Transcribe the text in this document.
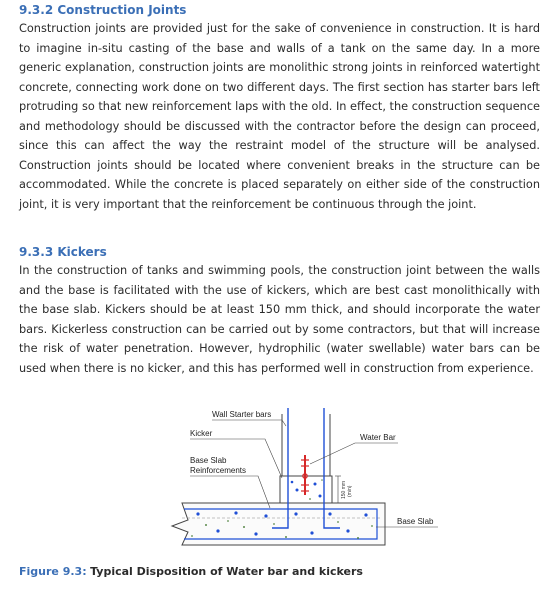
9.3.2 Construction Joints

Construction joints are provided just for the sake of convenience in construction. It is hard to imagine in-situ casting of the base and walls of a tank on the same day. In a more generic explanation, construction joints are monolithic strong joints in reinforced watertight concrete, connecting work done on two different days. The first section has starter bars left protruding so that new reinforcement laps with the old. In effect, the construction sequence and methodology should be discussed with the contractor before the design can proceed, since this can affect the way the restraint model of the structure will be analysed. Construction joints should be located where convenient breaks in the structure can be accommodated. While the concrete is placed separately on either side of the construction joint, it is very important that the reinforcement be continuous through the joint.

9.3.3 Kickers

In the construction of tanks and swimming pools, the construction joint between the walls and the base is facilitated with the use of kickers, which are best cast monolithically with the base slab. Kickers should be at least 150 mm thick, and should incorporate the water bars. Kickerless construction can be carried out by some contractors, but that will increase the risk of water penetration. However, hydrophilic (water swellable) water bars can be used when there is no kicker, and this has performed well in construction from experience.

150 mm (min)
Wall Starter bars
Kicker	Water Bar
Base Slab
Reinforcements
Base Slab

Figure 9.3: Typical Disposition of Water bar and kickers
